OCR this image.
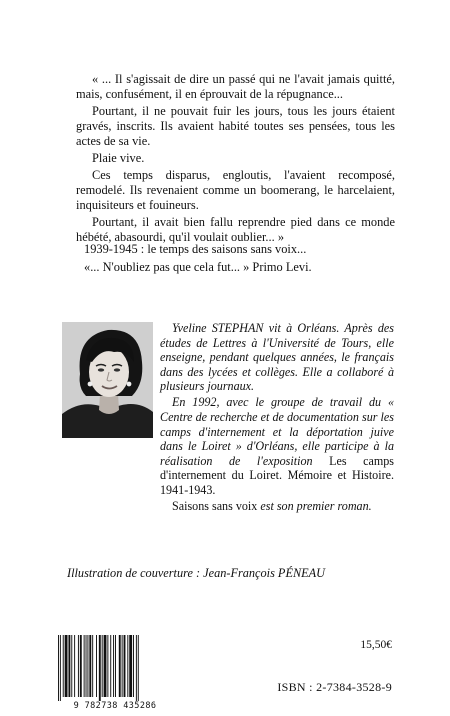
« ... Il s'agissait de dire un passé qui ne l'avait jamais quitté, mais, confusément, il en éprouvait de la répugnance...

Pourtant, il ne pouvait fuir les jours, tous les jours étaient gravés, inscrits. Ils avaient habité toutes ses pensées, tous les actes de sa vie.

Plaie vive.

Ces temps disparus, engloutis, l'avaient recomposé, remodelé. Ils revenaient comme un boomerang, le harcelaient, inquisiteurs et fouineurs.

Pourtant, il avait bien fallu reprendre pied dans ce monde hébété, abasourdi, qu'il voulait oublier... »

1939-1945 : le temps des saisons sans voix...

«... N'oubliez pas que cela fut... » Primo Levi.

Yveline STEPHAN vit à Orléans. Après des études de Lettres à l'Université de Tours, elle enseigne, pendant quelques années, le français dans des lycées et collèges. Elle a collaboré à plusieurs journaux.

En 1992, avec le groupe de travail du « Centre de recherche et de documentation sur les camps d'internement et la déportation juive dans le Loiret » d'Orléans, elle participe à la réalisation de l'exposition Les camps d'internement du Loiret. Mémoire et Histoire. 1941-1943.

Saisons sans voix est son premier roman.

Illustration de couverture : Jean-François PÉNEAU
15,50€
9 782738 435286
ISBN : 2-7384-3528-9
